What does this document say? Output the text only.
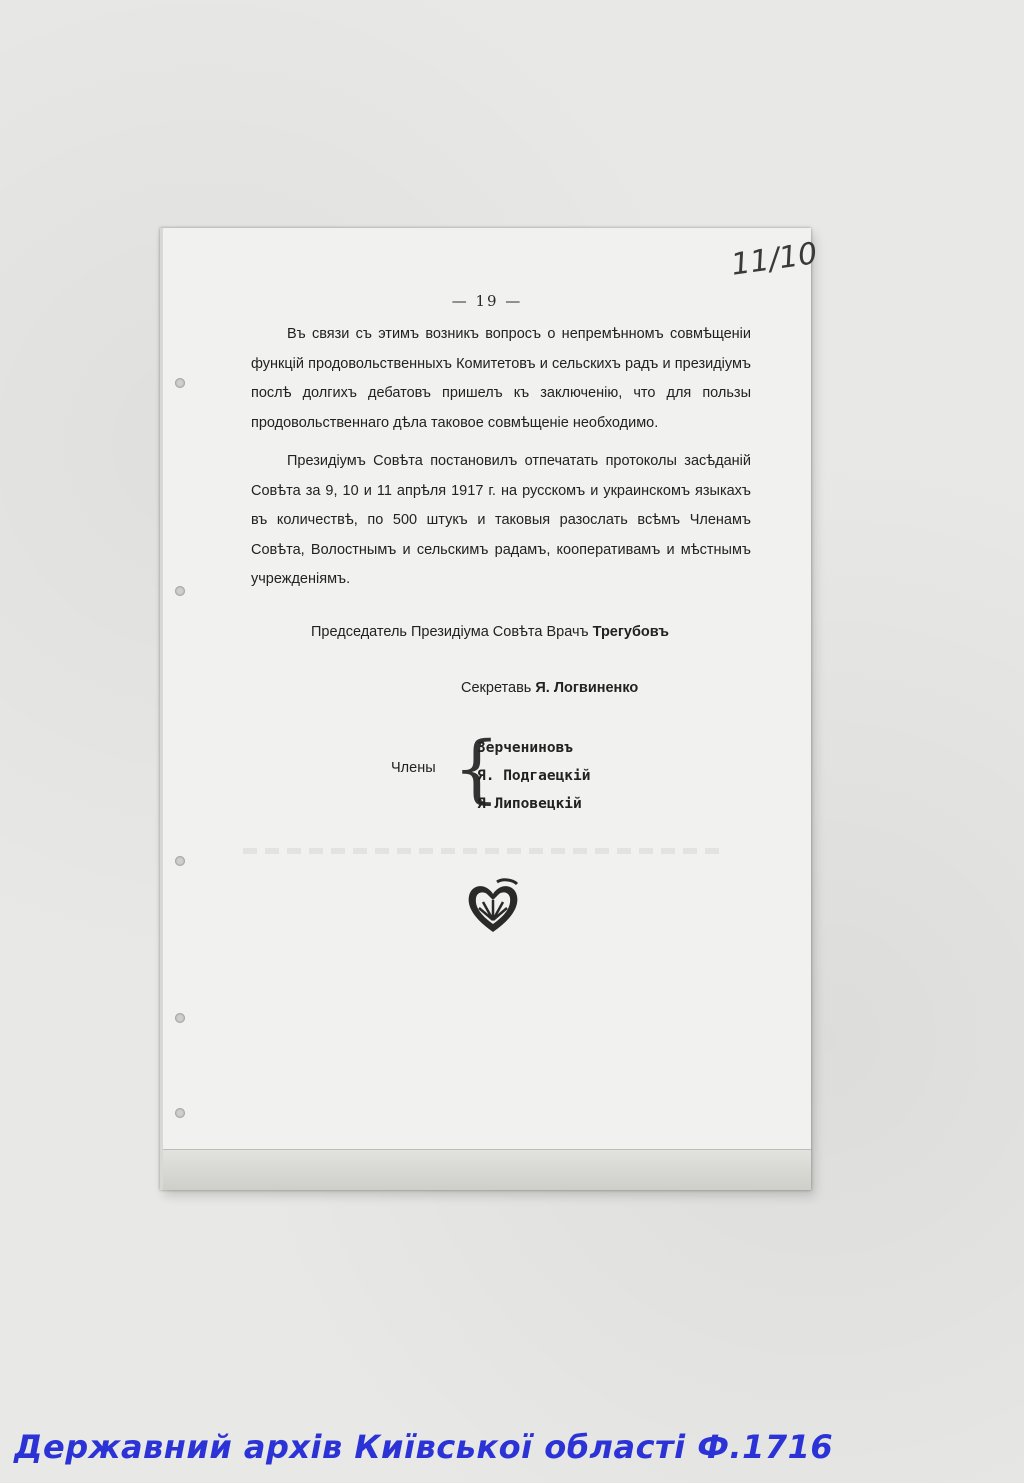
— 19 —
11/10

Въ связи съ этимъ возникъ вопросъ о непремѣнномъ совмѣщеніи функцій продовольственныхъ Комитетовъ и сельскихъ радъ и президіумъ послѣ долгихъ дебатовъ пришелъ къ заключенію, что для пользы продовольственнаго дѣла таковое совмѣщеніе необходимо.

Президіумъ Совѣта постановилъ отпечатать протоколы засѣданій Совѣта за 9, 10 и 11 апрѣля 1917 г. на русскомъ и украинскомъ языкахъ въ количествѣ, по 500 штукъ и таковыя разослать всѣмъ Членамъ Совѣта, Волостнымъ и сельскимъ радамъ, кооперативамъ и мѣстнымъ учрежденіямъ.

Председатель Президіума Совѣта Врачъ Трегубовъ
Секретавь Я. Логвиненко
Члены {
Зерчениновъ
Я. Подгаецкій
Я Липовецкій
Державний архів Київської області Ф.1716
